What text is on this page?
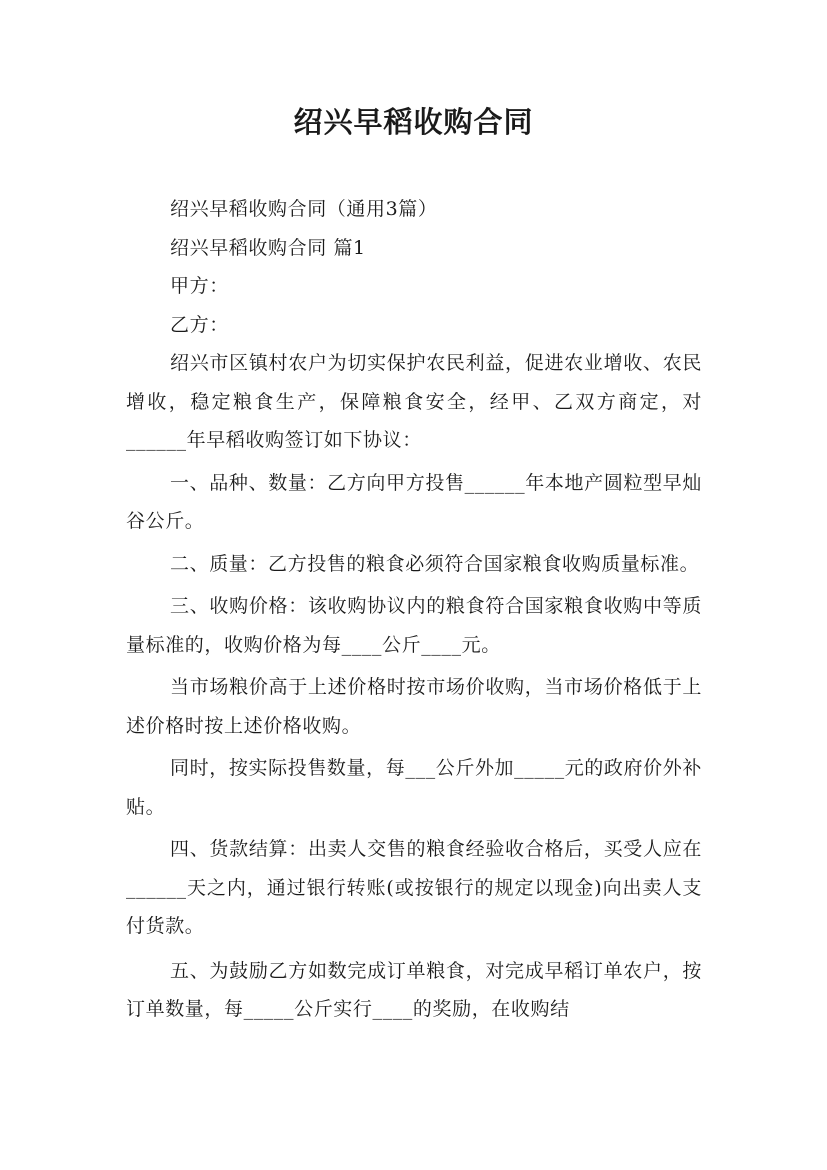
绍兴早稻收购合同

绍兴早稻收购合同（通用3篇）

绍兴早稻收购合同 篇1

甲方：

乙方：

绍兴市区镇村农户为切实保护农民利益，促进农业增收、农民增收，稳定粮食生产，保障粮食安全，经甲、乙双方商定，对______年早稻收购签订如下协议：

一、品种、数量：乙方向甲方投售______年本地产圆粒型早灿谷公斤。

二、质量：乙方投售的粮食必须符合国家粮食收购质量标准。

三、收购价格：该收购协议内的粮食符合国家粮食收购中等质量标准的，收购价格为每____公斤____元。

当市场粮价高于上述价格时按市场价收购，当市场价格低于上述价格时按上述价格收购。

同时，按实际投售数量，每___公斤外加_____元的政府价外补贴。

四、货款结算：出卖人交售的粮食经验收合格后，买受人应在______天之内，通过银行转账(或按银行的规定以现金)向出卖人支付货款。

五、为鼓励乙方如数完成订单粮食，对完成早稻订单农户，按订单数量，每_____公斤实行____的奖励，在收购结
